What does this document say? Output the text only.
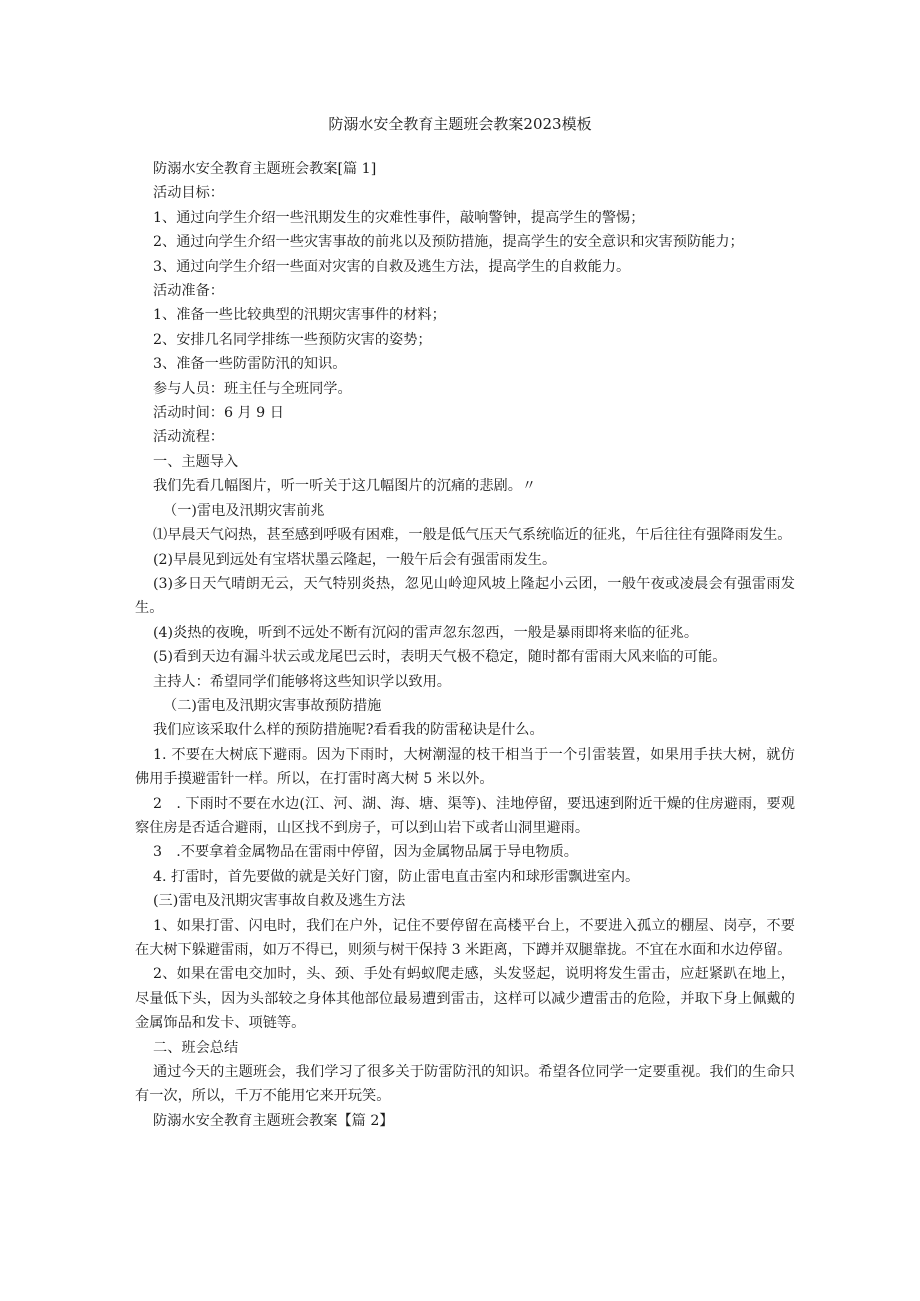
防溺水安全教育主题班会教案2023模板

防溺水安全教育主题班会教案[篇 1]

活动目标：

1、通过向学生介绍一些汛期发生的灾难性事件，敲响警钟，提高学生的警惕；

2、通过向学生介绍一些灾害事故的前兆以及预防措施，提高学生的安全意识和灾害预防能力；

3、通过向学生介绍一些面对灾害的自救及逃生方法，提高学生的自救能力。

活动准备：

1、准备一些比较典型的汛期灾害事件的材料；

2、安排几名同学排练一些预防灾害的姿势；

3、准备一些防雷防汛的知识。

参与人员：班主任与全班同学。

活动时间：6 月 9 日

活动流程：

一、主题导入

我们先看几幅图片，听一听关于这几幅图片的沉痛的悲剧。〃

（一)雷电及汛期灾害前兆

⑴早晨天气闷热，甚至感到呼吸有困难，一般是低气压天气系统临近的征兆，午后往往有强降雨发生。

(2)早晨见到远处有宝塔状墨云隆起，一般午后会有强雷雨发生。

(3)多日天气晴朗无云，天气特别炎热，忽见山岭迎风坡上隆起小云团，一般午夜或凌晨会有强雷雨发生。

(4)炎热的夜晚，听到不远处不断有沉闷的雷声忽东忽西，一般是暴雨即将来临的征兆。

(5)看到天边有漏斗状云或龙尾巴云时，表明天气极不稳定，随时都有雷雨大风来临的可能。

主持人：希望同学们能够将这些知识学以致用。

（二)雷电及汛期灾害事故预防措施

我们应该采取什么样的预防措施呢?看看我的防雷秘诀是什么。

1. 不要在大树底下避雨。因为下雨时，大树潮湿的枝干相当于一个引雷装置，如果用手扶大树，就仿佛用手摸避雷针一样。所以，在打雷时离大树 5 米以外。

2　. 下雨时不要在水边(江、河、湖、海、塘、渠等)、洼地停留，要迅速到附近干燥的住房避雨，要观察住房是否适合避雨，山区找不到房子，可以到山岩下或者山洞里避雨。

3　.不要拿着金属物品在雷雨中停留，因为金属物品属于导电物质。

4. 打雷时，首先要做的就是关好门窗，防止雷电直击室内和球形雷飘进室内。

(三)雷电及汛期灾害事故自救及逃生方法

1、如果打雷、闪电时，我们在户外，记住不要停留在高楼平台上，不要进入孤立的棚屋、岗亭，不要在大树下躲避雷雨，如万不得已，则须与树干保持 3 米距离，下蹲并双腿靠拢。不宜在水面和水边停留。

2、如果在雷电交加时，头、颈、手处有蚂蚁爬走感，头发竖起，说明将发生雷击，应赶紧趴在地上，尽量低下头，因为头部较之身体其他部位最易遭到雷击，这样可以减少遭雷击的危险，并取下身上佩戴的金属饰品和发卡、项链等。

二、班会总结

通过今天的主题班会，我们学习了很多关于防雷防汛的知识。希望各位同学一定要重视。我们的生命只有一次，所以，千万不能用它来开玩笑。

防溺水安全教育主题班会教案【篇 2】
